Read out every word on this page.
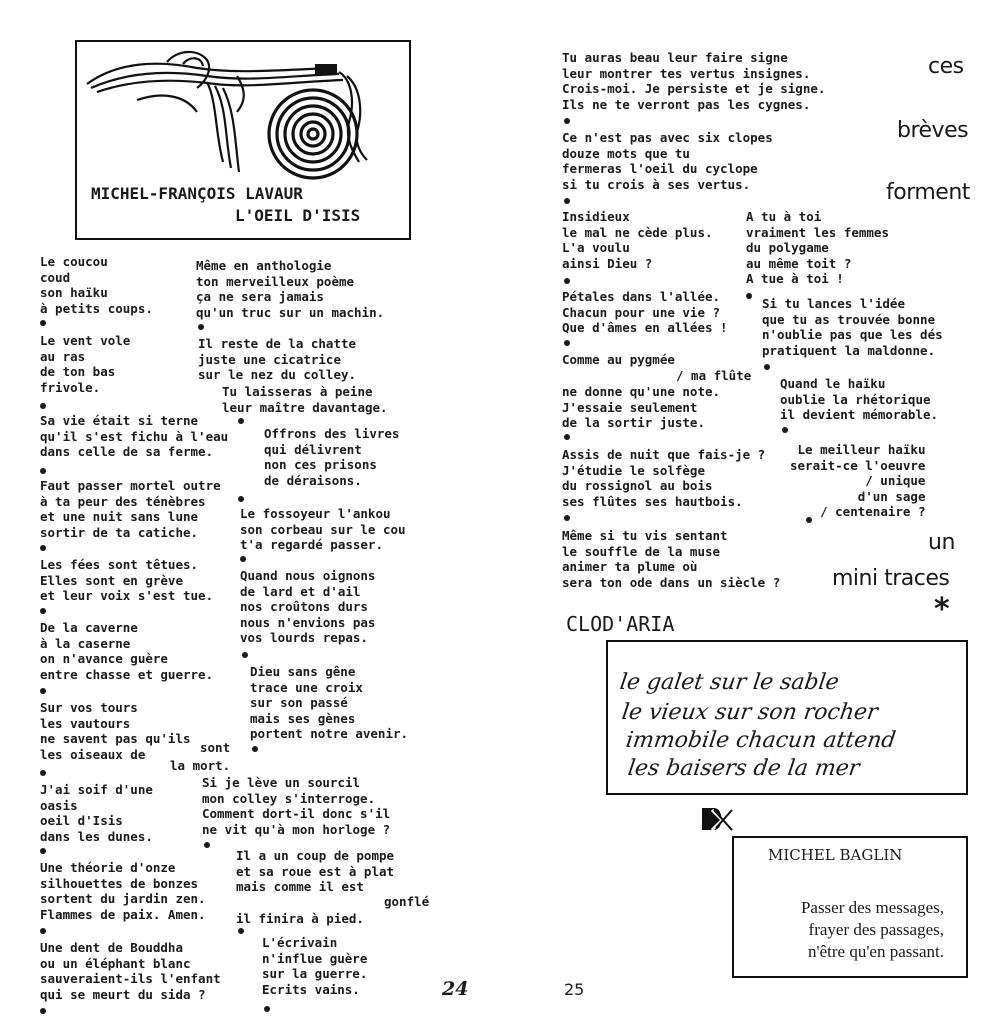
MICHEL-FRANÇOIS LAVAUR
L'OEIL D'ISIS
Le coucou
coud
son haïku
à petits coups.
Le vent vole
au ras
de ton bas
frivole.
Sa vie était si terne
qu'il s'est fichu à l'eau
dans celle de sa ferme.
Faut passer mortel outre
à ta peur des ténèbres
et une nuit sans lune
sortir de ta catiche.
Les fées sont têtues.
Elles sont en grève
et leur voix s'est tue.
De la caverne
à la caserne
on n'avance guère
entre chasse et guerre.
Sur vos tours
les vautours
ne savent pas qu'ils
les oiseaux de	sont
la mort.
J'ai soif d'une
oasis
oeil d'Isis
dans les dunes.
Une théorie d'onze
silhouettes de bonzes
sortent du jardin zen.
Flammes de paix. Amen.
Une dent de Bouddha
ou un éléphant blanc
sauveraient-ils l'enfant
qui se meurt du sida ?
Même en anthologie
ton merveilleux poème
ça ne sera jamais
qu'un truc sur un machin.
Il reste de la chatte
juste une cicatrice
sur le nez du colley.
Tu laisseras à peine
leur maître davantage.
Offrons des livres
qui délivrent
non ces prisons
de déraisons.
Le fossoyeur l'ankou
son corbeau sur le cou
t'a regardé passer.
Quand nous oignons
de lard et d'ail
nos croûtons durs
nous n'envions pas
vos lourds repas.
Dieu sans gêne
trace une croix
sur son passé
mais ses gènes
portent notre avenir.
Si je lève un sourcil
mon colley s'interroge.
Comment dort-il donc s'il
ne vit qu'à mon horloge ?
Il a un coup de pompe
et sa roue est à plat
mais comme il est
gonflé
il finira à pied.
L'écrivain
n'influe guère
sur la guerre.
Ecrits vains.	24
Tu auras beau leur faire signe
leur montrer tes vertus insignes.
Crois-moi. Je persiste et je signe.
Ils ne te verront pas les cygnes.
Ce n'est pas avec six clopes
douze mots que tu
fermeras l'oeil du cyclope
si tu crois à ses vertus.
Insidieux
le mal ne cède plus.
L'a voulu
ainsi Dieu ?
Pétales dans l'allée.
Chacun pour une vie ?
Que d'âmes en allées !
Comme au pygmée
/ ma flûte
ne donne qu'une note.
J'essaie seulement
de la sortir juste.
Assis de nuit que fais-je ?
J'étudie le solfège
du rossignol au bois
ses flûtes ses hautbois.
Même si tu vis sentant
le souffle de la muse
animer ta plume où
sera ton ode dans un siècle ?
A tu à toi
vraiment les femmes
du polygame
au même toit ?
A tue à toi !
Si tu lances l'idée
que tu as trouvée bonne
n'oublie pas que les dés
pratiquent la maldonne.
Quand le haïku
oublie la rhétorique
il devient mémorable.
Le meilleur haïku
serait-ce l'oeuvre
/ unique
d'un sage
/ centenaire ?
ces
brèves
forment
un
mini traces
*
CLOD'ARIA
le galet sur le sable
le vieux sur son rocher
immobile chacun attend
les baisers de la mer
MICHEL BAGLIN
Passer des messages,
frayer des passages,
n'être qu'en passant.
25
